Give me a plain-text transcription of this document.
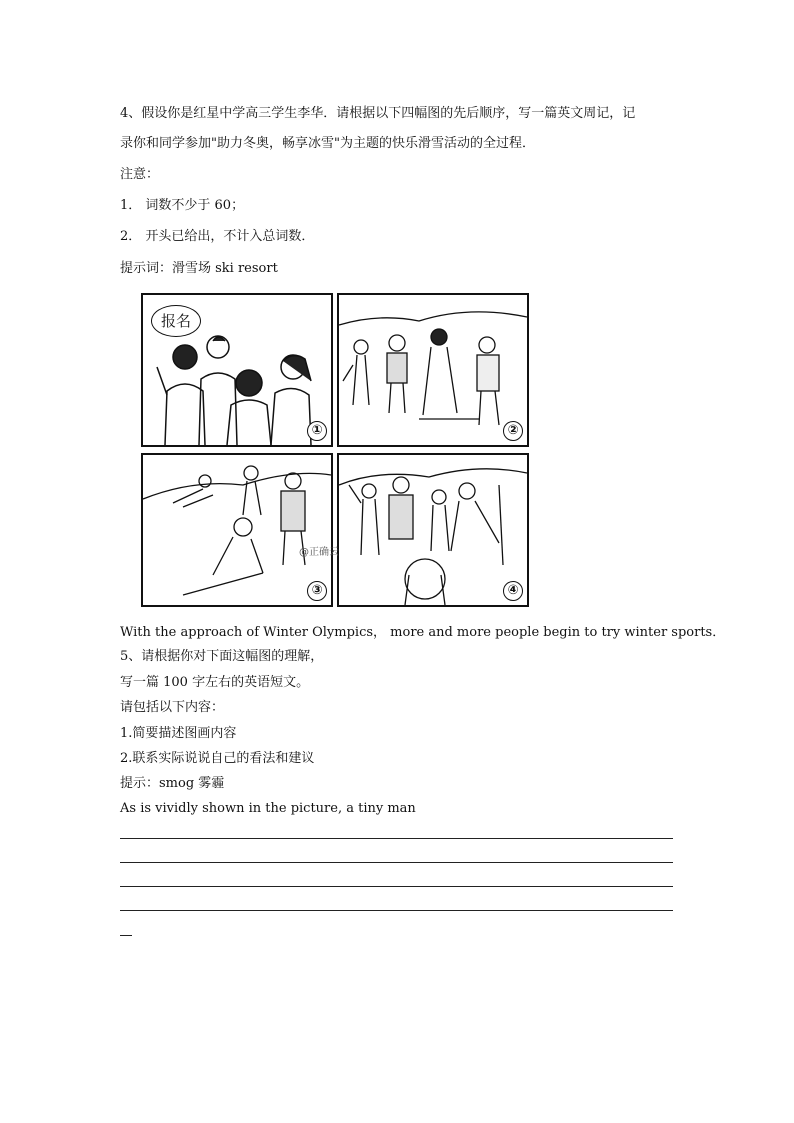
4、假设你是红星中学高三学生李华．请根据以下四幅图的先后顺序，写一篇英文周记，记
录你和同学参加"助力冬奥，畅享冰雪"为主题的快乐滑雪活动的全过程．
注意：
1． 词数不少于 60；
2． 开头已给出，不计入总词数．
提示词：滑雪场 ski resort
报名
①	②
③
@正确云
④
With the approach of Winter Olympics， more and more people begin to try winter sports．
5、请根据你对下面这幅图的理解，
写一篇 100 字左右的英语短文。
请包括以下内容：
1.简要描述图画内容
2.联系实际说说自己的看法和建议
提示：smog 雾霾
As is vividly shown in the picture, a tiny man
